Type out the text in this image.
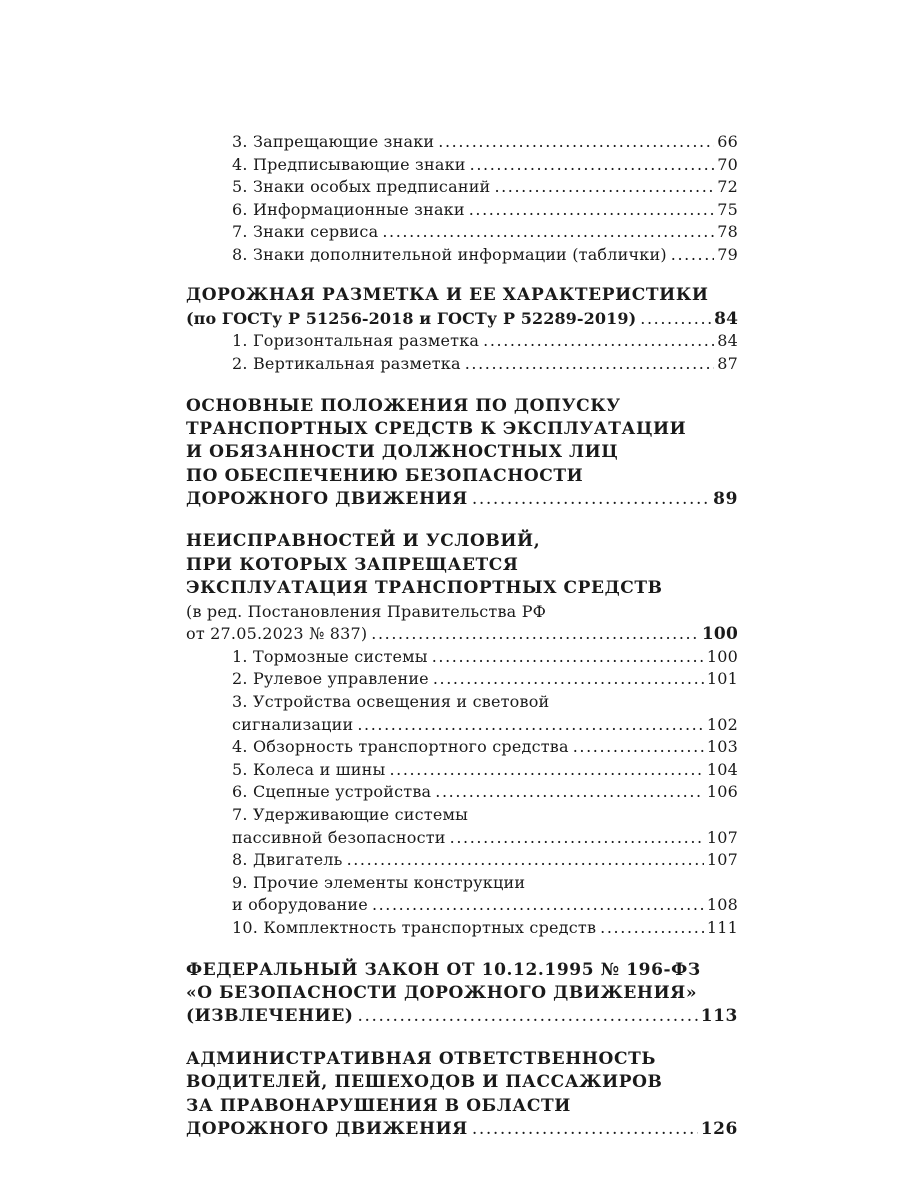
3. Запрещающие знаки .....	66
4. Предписывающие знаки .....	70
5. Знаки особых предписаний .....	72
6. Информационные знаки .....	75
7. Знаки сервиса .....	78
8. Знаки дополнительной информации (таблички) .....	79
ДОРОЖНАЯ РАЗМЕТКА И ЕЕ ХАРАКТЕРИСТИКИ
(по ГОСТу Р 51256-2018 и ГОСТу Р 52289-2019) .....	84
1. Горизонтальная разметка .....	84
2. Вертикальная разметка .....	87
ОСНОВНЫЕ ПОЛОЖЕНИЯ ПО ДОПУСКУ
ТРАНСПОРТНЫХ СРЕДСТВ К ЭКСПЛУАТАЦИИ
И ОБЯЗАННОСТИ ДОЛЖНОСТНЫХ ЛИЦ
ПО ОБЕСПЕЧЕНИЮ БЕЗОПАСНОСТИ
ДОРОЖНОГО ДВИЖЕНИЯ .....	89
НЕИСПРАВНОСТЕЙ И УСЛОВИЙ,
ПРИ КОТОРЫХ ЗАПРЕЩАЕТСЯ
ЭКСПЛУАТАЦИЯ ТРАНСПОРТНЫХ СРЕДСТВ
(в ред. Постановления Правительства РФ
от 27.05.2023 № 837) .....	100
1. Тормозные системы .....	100
2. Рулевое управление .....	101
3. Устройства освещения и световой
сигнализации .....	102
4. Обзорность транспортного средства .....	103
5. Колеса и шины .....	104
6. Сцепные устройства .....	106
7. Удерживающие системы
пассивной безопасности .....	107
8. Двигатель .....	107
9. Прочие элементы конструкции
и оборудование .....	108
10. Комплектность транспортных средств .....	111
ФЕДЕРАЛЬНЫЙ ЗАКОН ОТ 10.12.1995 № 196-ФЗ
«О БЕЗОПАСНОСТИ ДОРОЖНОГО ДВИЖЕНИЯ»
(ИЗВЛЕЧЕНИЕ) .....	113
АДМИНИСТРАТИВНАЯ ОТВЕТСТВЕННОСТЬ
ВОДИТЕЛЕЙ, ПЕШЕХОДОВ И ПАССАЖИРОВ
ЗА ПРАВОНАРУШЕНИЯ В ОБЛАСТИ
ДОРОЖНОГО ДВИЖЕНИЯ .....	126
